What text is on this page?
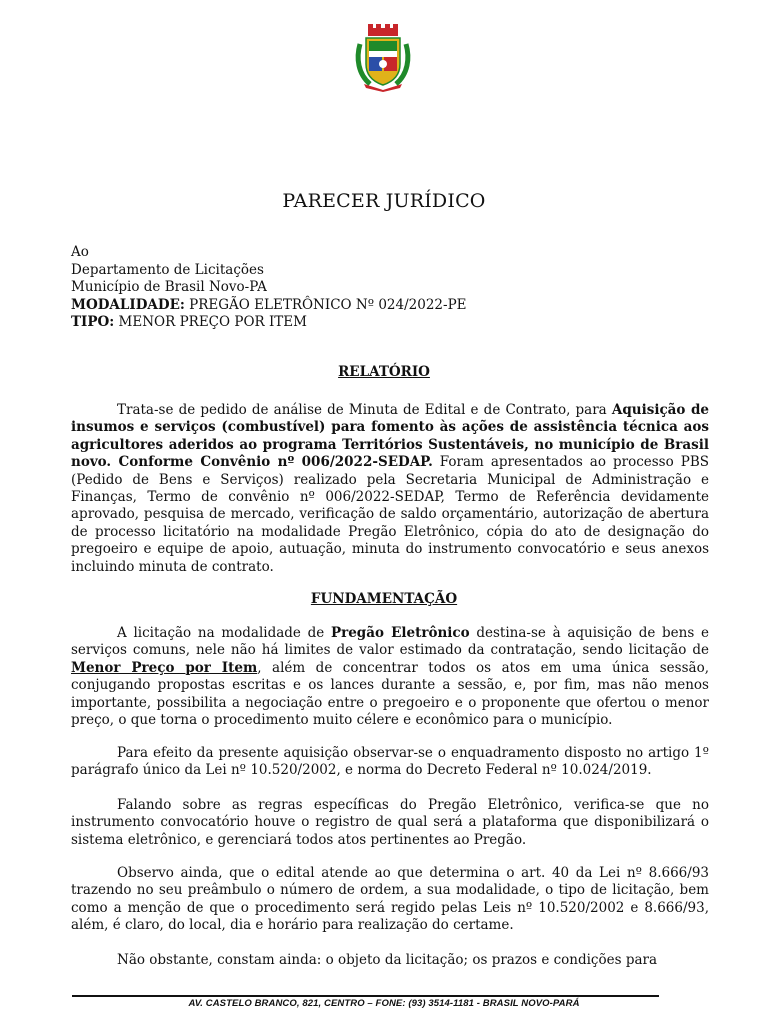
PARECER JURÍDICO
Ao
Departamento de Licitações
Município de Brasil Novo-PA
MODALIDADE: PREGÃO ELETRÔNICO Nº 024/2022-PE
TIPO: MENOR PREÇO POR ITEM
RELATÓRIO
Trata-se de pedido de análise de Minuta de Edital e de Contrato, para Aquisição de insumos e serviços (combustível) para fomento às ações de assistência técnica aos agricultores aderidos ao programa Territórios Sustentáveis, no município de Brasil novo. Conforme Convênio nº 006/2022-SEDAP. Foram apresentados ao processo PBS (Pedido de Bens e Serviços) realizado pela Secretaria Municipal de Administração e Finanças, Termo de convênio nº 006/2022-SEDAP, Termo de Referência devidamente aprovado, pesquisa de mercado, verificação de saldo orçamentário, autorização de abertura de processo licitatório na modalidade Pregão Eletrônico, cópia do ato de designação do pregoeiro e equipe de apoio, autuação, minuta do instrumento convocatório e seus anexos incluindo minuta de contrato.
FUNDAMENTAÇÃO
A licitação na modalidade de Pregão Eletrônico destina-se à aquisição de bens e serviços comuns, nele não há limites de valor estimado da contratação, sendo licitação de Menor Preço por Item, além de concentrar todos os atos em uma única sessão, conjugando propostas escritas e os lances durante a sessão, e, por fim, mas não menos importante, possibilita a negociação entre o pregoeiro e o proponente que ofertou o menor preço, o que torna o procedimento muito célere e econômico para o município.
Para efeito da presente aquisição observar-se o enquadramento disposto no artigo 1º parágrafo único da Lei nº 10.520/2002, e norma do Decreto Federal nº 10.024/2019.
Falando sobre as regras específicas do Pregão Eletrônico, verifica-se que no instrumento convocatório houve o registro de qual será a plataforma que disponibilizará o sistema eletrônico, e gerenciará todos atos pertinentes ao Pregão.
Observo ainda, que o edital atende ao que determina o art. 40 da Lei nº 8.666/93 trazendo no seu preâmbulo o número de ordem, a sua modalidade, o tipo de licitação, bem como a menção de que o procedimento será regido pelas Leis nº 10.520/2002 e 8.666/93, além, é claro, do local, dia e horário para realização do certame.
Não obstante, constam ainda: o objeto da licitação; os prazos e condições para
AV. CASTELO BRANCO, 821, CENTRO – FONE: (93) 3514-1181 - BRASIL NOVO-PARÁ
